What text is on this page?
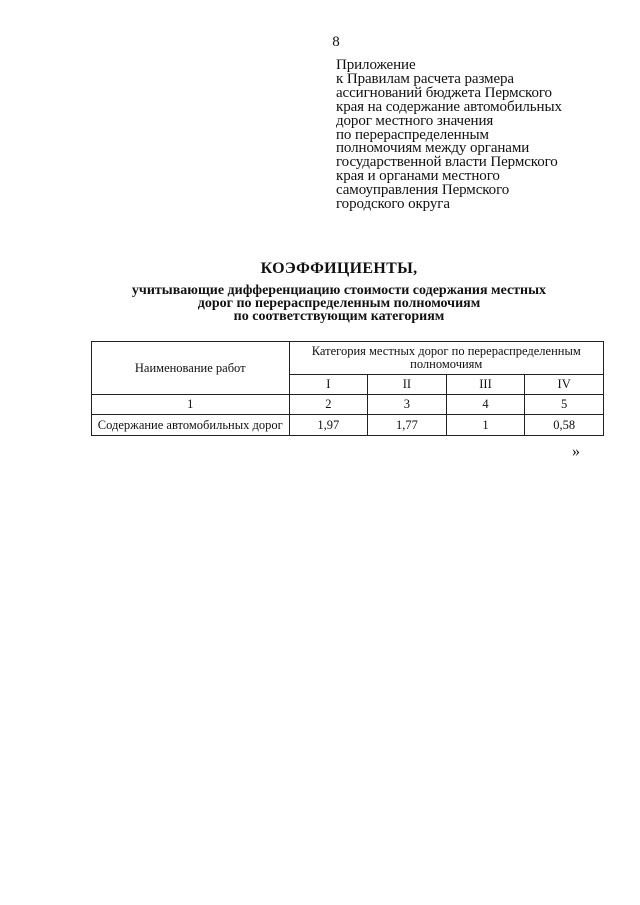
8
Приложение
к Правилам расчета размера
ассигнований бюджета Пермского
края на содержание автомобильных
дорог местного значения
по перераспределенным
полномочиям между органами
государственной власти Пермского
края и органами местного
самоуправления Пермского
городского округа
КОЭФФИЦИЕНТЫ,
учитывающие дифференциацию стоимости содержания местных
дорог по перераспределенным полномочиям
по соответствующим категориям
Наименование работ	Категория местных дорог по перераспределенным полномочиям			
	I	II	III	IV
1	2	3	4	5
Содержание автомобильных дорог	1,97	1,77	1	0,58
»
